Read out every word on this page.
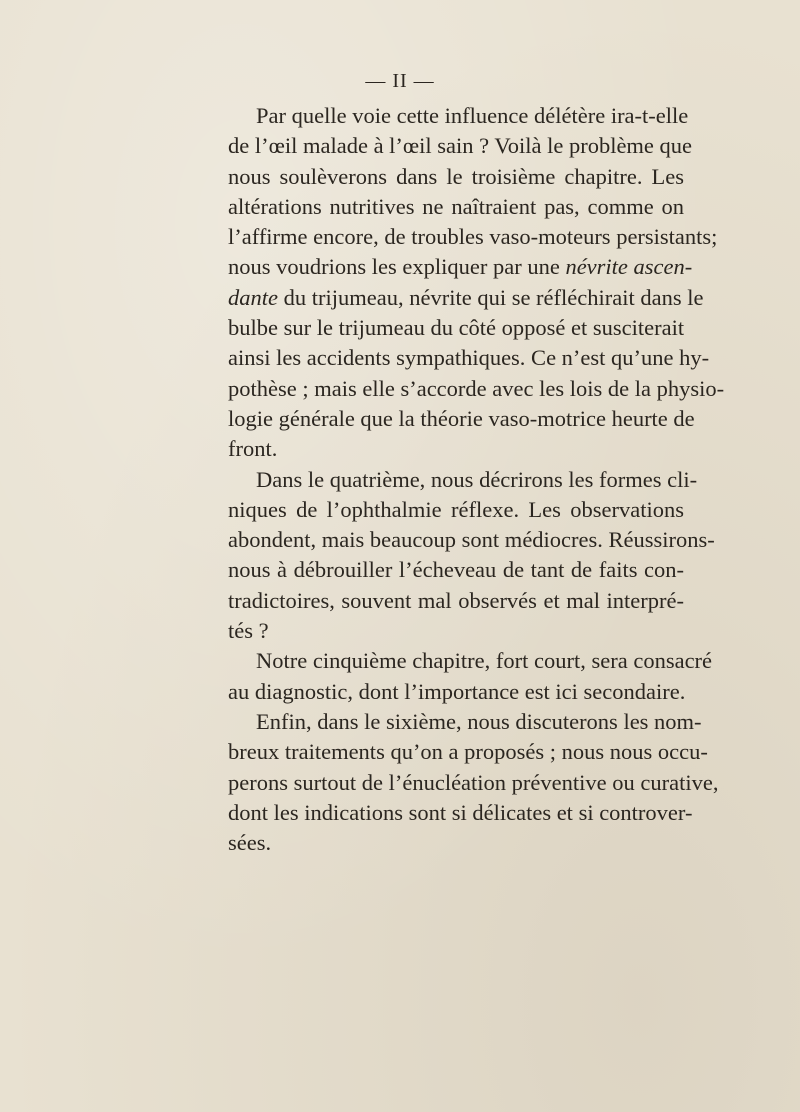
— II —
Par quelle voie cette influence délétère ira-t-elle
de l’œil malade à l’œil sain ? Voilà le problème que
nous soulèverons dans le troisième chapitre. Les
altérations nutritives ne naîtraient pas, comme on
l’affirme encore, de troubles vaso-moteurs persistants;
nous voudrions les expliquer par une névrite ascen-
dante du trijumeau, névrite qui se réfléchirait dans le
bulbe sur le trijumeau du côté opposé et susciterait
ainsi les accidents sympathiques. Ce n’est qu’une hy-
pothèse ; mais elle s’accorde avec les lois de la physio-
logie générale que la théorie vaso-motrice heurte de
front.
Dans le quatrième, nous décrirons les formes cli-
niques de l’ophthalmie réflexe. Les observations
abondent, mais beaucoup sont médiocres. Réussirons-
nous à débrouiller l’écheveau de tant de faits con-
tradictoires, souvent mal observés et mal interpré-
tés ?
Notre cinquième chapitre, fort court, sera consacré
au diagnostic, dont l’importance est ici secondaire.
Enfin, dans le sixième, nous discuterons les nom-
breux traitements qu’on a proposés ; nous nous occu-
perons surtout de l’énucléation préventive ou curative,
dont les indications sont si délicates et si controver-
sées.
